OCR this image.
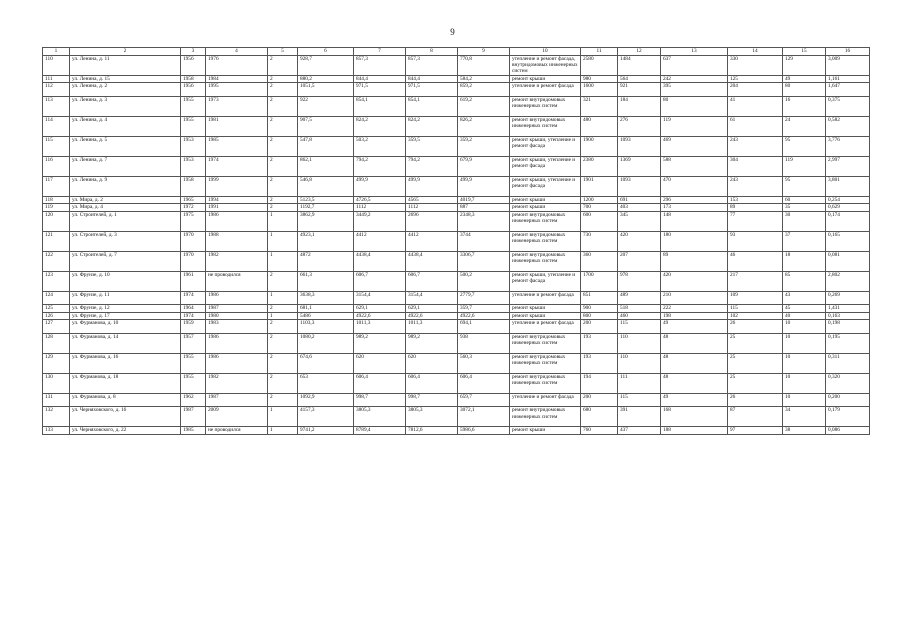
9
1	2	3	4	5	6	7	8	9	10	11	12	13	14	15	16
110	ул. Ленина, д. 11	1956	1976	2	928,7	857,3	857,3	770,8	утепление и ремонт фасада, внутридомовых инженерных систем	2580	1484	637	330	129	3,009
111	ул. Ленина, д. 15	1958	1984	2	880,2	844,4	844,4	584,2	ремонт крыши	980	564	242	125	49	1,161
112	ул. Ленина, д. 2	1956	1995	2	1051,5	971,5	971,5	859,2	утепление и ремонт фасада	1600	921	395	204	80	1,647
113	ул. Ленина, д. 3	1955	1973	2	922	854,1	854,1	619,2	ремонт внутридомовых инженерных систем	321	184	80	41	16	0,375
114	ул. Ленина, д. 4	1955	1981	2	907,5	824,2	824,2	826,2	ремонт внутридомовых инженерных систем	480	276	119	61	24	0,582
115	ул. Ленина, д. 5	1953	1985	2	547,8	503,2	359,5	359,2	ремонт крыши, утепление и ремонт фасада	1900	1093	469	243	95	3,776
116	ул. Ленина, д. 7	1953	1974	2	862,1	794,2	794,2	679,9	ремонт крыши, утепление и ремонт фасада	2380	1369	588	304	119	2,997
117	ул. Ленина, д. 9	1958	1999	2	546,8	499,9	499,9	499,9	ремонт крыши, утепление и ремонт фасада	1901	1093	470	243	95	3,801
118	ул. Мира, д. 2	1965	1994	2	5123,5	4726,5	4565	4019,7	ремонт крыши	1200	691	296	153	60	0,254
119	ул. Мира, д. 4	1972	1991	2	1192,7	1112	1112	887	ремонт крыши	700	403	173	89	35	0,629
120	ул. Строителей, д. 1	1975	1986	1	3862,9	3449,2	2696	2348,3	ремонт внутридомовых инженерных систем	600	345	148	77	30	0,174
121	ул. Строителей, д. 3	1970	1988	1	4923,1	4412	4412	3744	ремонт внутридомовых инженерных систем	730	420	180	93	37	0,165
122	ул. Строителей, д. 7	1970	1982	1	4872	4438,4	4438,4	3306,7	ремонт внутридомовых инженерных систем	360	207	89	46	18	0,081
123	ул. Фрунзе, д. 10	1961	не проводился	2	661,3	606,7	606,7	500,2	ремонт крыши, утепление и ремонт фасада	1700	978	420	217	85	2,802
124	ул. Фрунзе, д. 11	1974	1986	1	3638,3	3154,4	3154,4	2779,7	утепление и ремонт фасада	851	489	210	109	43	0,269
125	ул. Фрунзе, д. 12	1964	1987	2	681,1	629,1	629,1	359,7	ремонт крыши	900	518	222	115	45	1,431
126	ул. Фрунзе, д. 17	1974	1980	1	5486	4922,6	4922,6	4922,6	ремонт крыши	800	460	198	102	40	0,163
127	ул. Фурманова, д. 10	1959	1983	2	1103,3	1011,3	1011,3	694,1	утепление и ремонт фасада	200	115	49	26	10	0,198
128	ул. Фурманова, д. 14	1957	1986	2	1080,2	989,2	989,2	938	ремонт внутридомовых инженерных систем	193	110	48	25	10	0,195
129	ул. Фурманова, д. 16	1955	1986	2	674,6	620	620	560,3	ремонт внутридомовых инженерных систем	193	110	48	25	10	0,311
130	ул. Фурманова, д. 18	1955	1982	2	653	606,4	606,4	606,4	ремонт внутридомовых инженерных систем	194	111	48	25	10	0,320
131	ул. Фурманова, д. 8	1962	1987	2	1092,9	998,7	998,7	659,7	утепление и ремонт фасада	200	115	49	26	10	0,200
132	ул. Черняховского, д. 16	1987	2009	1	4157,3	3805,3	3805,3	3072,1	ремонт внутридомовых инженерных систем	680	391	168	87	34	0,179
133	ул. Черняховского, д. 22	1985	не проводился	1	9741,2	8789,4	7812,6	5986,6	ремонт крыши	760	437	188	97	38	0,086
